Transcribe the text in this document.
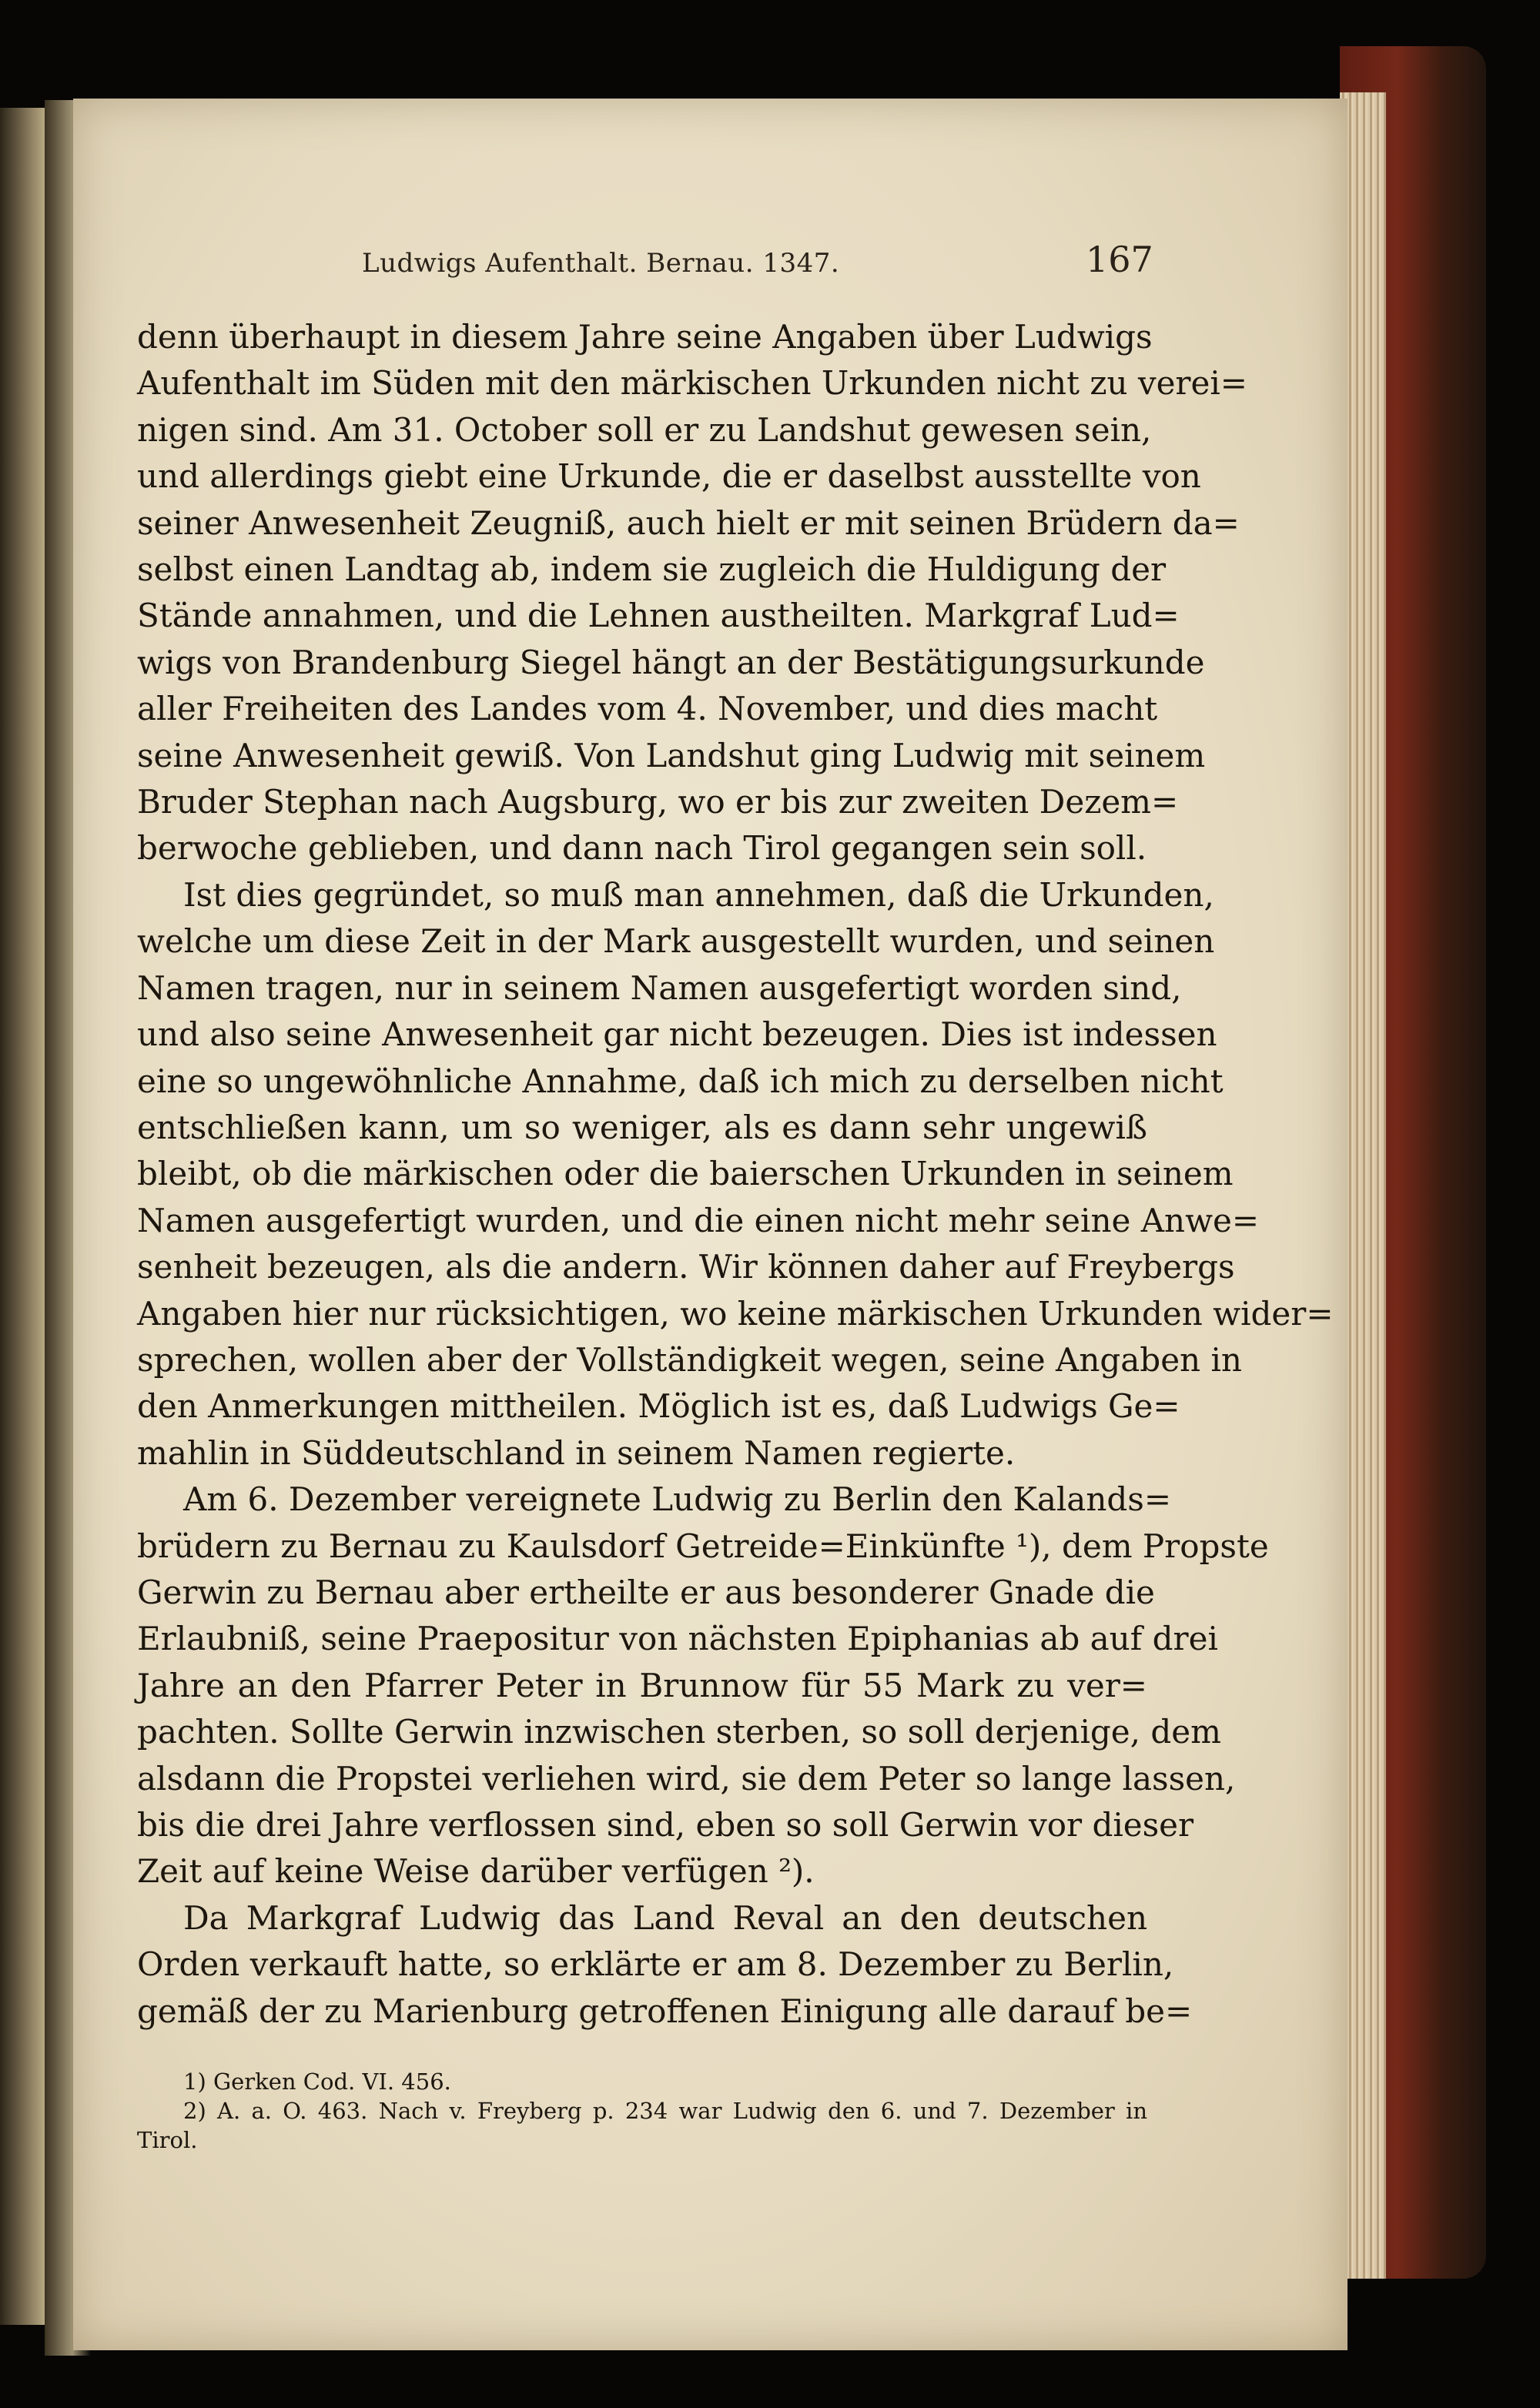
Ludwigs Aufenthalt. Bernau. 1347.	167
denn überhaupt in diesem Jahre seine Angaben über Ludwigs
Aufenthalt im Süden mit den märkischen Urkunden nicht zu verei=
nigen sind. Am 31. October soll er zu Landshut gewesen sein,
und allerdings giebt eine Urkunde, die er daselbst ausstellte von
seiner Anwesenheit Zeugniß, auch hielt er mit seinen Brüdern da=
selbst einen Landtag ab, indem sie zugleich die Huldigung der
Stände annahmen, und die Lehnen austheilten. Markgraf Lud=
wigs von Brandenburg Siegel hängt an der Bestätigungsurkunde
aller Freiheiten des Landes vom 4. November, und dies macht
seine Anwesenheit gewiß. Von Landshut ging Ludwig mit seinem
Bruder Stephan nach Augsburg, wo er bis zur zweiten Dezem=
berwoche geblieben, und dann nach Tirol gegangen sein soll.
Ist dies gegründet, so muß man annehmen, daß die Urkunden,
welche um diese Zeit in der Mark ausgestellt wurden, und seinen
Namen tragen, nur in seinem Namen ausgefertigt worden sind,
und also seine Anwesenheit gar nicht bezeugen. Dies ist indessen
eine so ungewöhnliche Annahme, daß ich mich zu derselben nicht
entschließen kann, um so weniger, als es dann sehr ungewiß
bleibt, ob die märkischen oder die baierschen Urkunden in seinem
Namen ausgefertigt wurden, und die einen nicht mehr seine Anwe=
senheit bezeugen, als die andern. Wir können daher auf Freybergs
Angaben hier nur rücksichtigen, wo keine märkischen Urkunden wider=
sprechen, wollen aber der Vollständigkeit wegen, seine Angaben in
den Anmerkungen mittheilen. Möglich ist es, daß Ludwigs Ge=
mahlin in Süddeutschland in seinem Namen regierte.
Am 6. Dezember vereignete Ludwig zu Berlin den Kalands=
brüdern zu Bernau zu Kaulsdorf Getreide=Einkünfte ¹), dem Propste
Gerwin zu Bernau aber ertheilte er aus besonderer Gnade die
Erlaubniß, seine Praepositur von nächsten Epiphanias ab auf drei
Jahre an den Pfarrer Peter in Brunnow für 55 Mark zu ver=
pachten. Sollte Gerwin inzwischen sterben, so soll derjenige, dem
alsdann die Propstei verliehen wird, sie dem Peter so lange lassen,
bis die drei Jahre verflossen sind, eben so soll Gerwin vor dieser
Zeit auf keine Weise darüber verfügen ²).
Da Markgraf Ludwig das Land Reval an den deutschen
Orden verkauft hatte, so erklärte er am 8. Dezember zu Berlin,
gemäß der zu Marienburg getroffenen Einigung alle darauf be=
1) Gerken Cod. VI. 456.
2) A. a. O. 463. Nach v. Freyberg p. 234 war Ludwig den 6. und 7. Dezember in
Tirol.
